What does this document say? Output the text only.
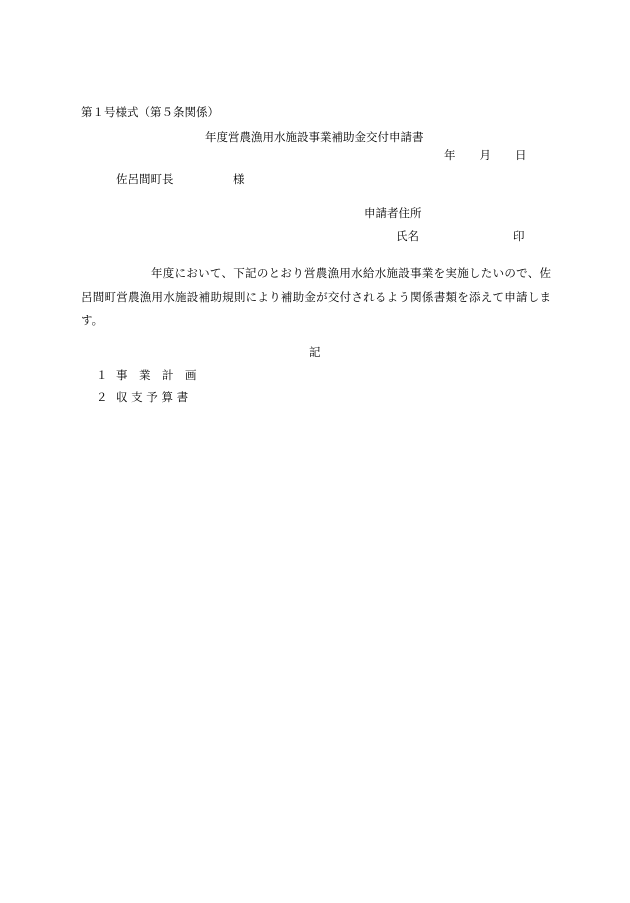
第１号様式（第５条関係）
年度営農漁用水施設事業補助金交付申請書
年 月 日
佐呂間町長	様
申請者住所
氏名	印
年度において、下記のとおり営農漁用水給水施設事業を実施したいので、佐呂間町営農漁用水施設補助規則により補助金が交付されるよう関係書類を添えて申請します。
記
１ 事　業　計　画
２ 収 支 予 算 書
